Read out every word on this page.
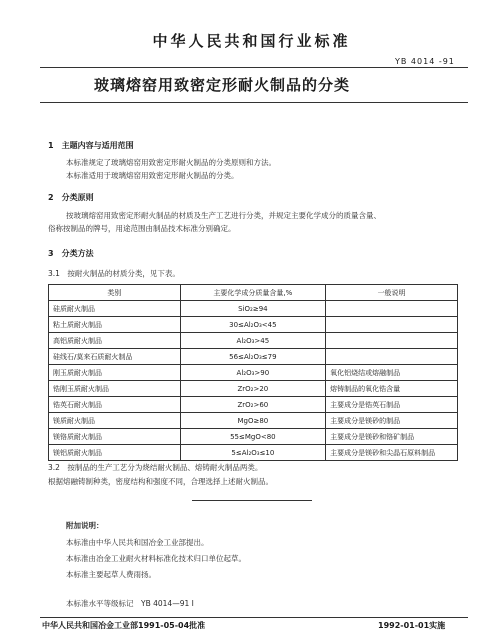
中华人民共和国行业标准
YB 4014 -91
玻璃熔窑用致密定形耐火制品的分类
1　主题内容与适用范围
本标准规定了玻璃熔窑用致密定形耐火制品的分类原则和方法。
本标准适用于玻璃熔窑用致密定形耐火制品的分类。
2　分类原则
按玻璃熔窑用致密定形耐火制品的材质及生产工艺进行分类，并规定主要化学成分的质量含量、
俗称按制品的牌号，用途范围由制品技术标准分别确定。
3　分类方法
3.1　按耐火制品的材质分类，见下表。
类别	主要化学成分质量含量,%	一般说明
硅质耐火制品	SiO₂≥94	
粘土质耐火制品	30≤Al₂O₃<45	
高铝质耐火制品	Al₂O₃>45	
硅线石/莫来石质耐火制品	56≤Al₂O₃≤79	
刚玉质耐火制品	Al₂O₃>90	氧化铝烧结或熔融制品
锆刚玉质耐火制品	ZrO₂>20	熔铸制品的氧化锆含量
锆英石耐火制品	ZrO₂>60	主要成分是锆英石制品
镁质耐火制品	MgO≥80	主要成分是镁砂的制品
镁铬质耐火制品	55≤MgO<80	主要成分是镁砂和铬矿制品
镁铝质耐火制品	5≤Al₂O₃≤10	主要成分是镁砂和尖晶石原料制品
3.2　按制品的生产工艺分为烧结耐火制品、熔铸耐火制品两类。
根据熔融铸制种类，密度结构和强度不同，合理选择上述耐火制品。
附加说明：
本标准由中华人民共和国冶金工业部提出。
本标准由冶金工业耐火材料标准化技术归口单位起草。
本标准主要起草人费雨扬。
本标准水平等级标记　YB 4014—91 Ⅰ
中华人民共和国冶金工业部1991-05-04批准	1992-01-01实施
